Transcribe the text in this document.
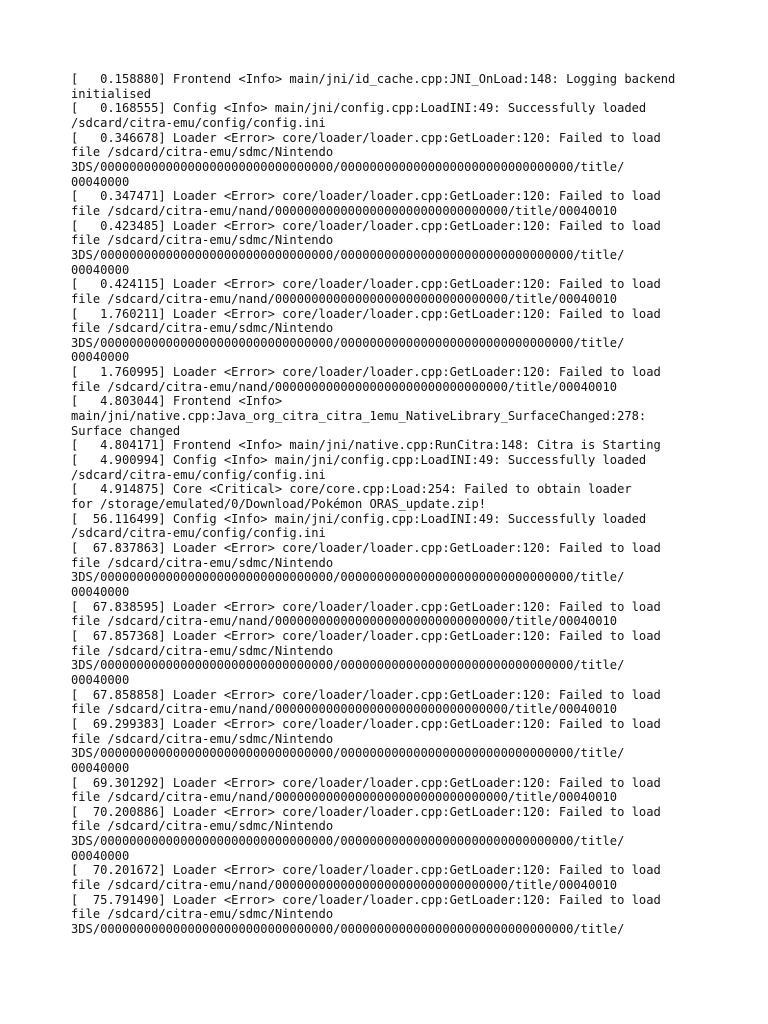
[   0.158880] Frontend <Info> main/jni/id_cache.cpp:JNI_OnLoad:148: Logging backend
initialised
[   0.168555] Config <Info> main/jni/config.cpp:LoadINI:49: Successfully loaded
/sdcard/citra-emu/config/config.ini
[   0.346678] Loader <Error> core/loader/loader.cpp:GetLoader:120: Failed to load
file /sdcard/citra-emu/sdmc/Nintendo
3DS/00000000000000000000000000000000/00000000000000000000000000000000/title/
00040000
[   0.347471] Loader <Error> core/loader/loader.cpp:GetLoader:120: Failed to load
file /sdcard/citra-emu/nand/00000000000000000000000000000000/title/00040010
[   0.423485] Loader <Error> core/loader/loader.cpp:GetLoader:120: Failed to load
file /sdcard/citra-emu/sdmc/Nintendo
3DS/00000000000000000000000000000000/00000000000000000000000000000000/title/
00040000
[   0.424115] Loader <Error> core/loader/loader.cpp:GetLoader:120: Failed to load
file /sdcard/citra-emu/nand/00000000000000000000000000000000/title/00040010
[   1.760211] Loader <Error> core/loader/loader.cpp:GetLoader:120: Failed to load
file /sdcard/citra-emu/sdmc/Nintendo
3DS/00000000000000000000000000000000/00000000000000000000000000000000/title/
00040000
[   1.760995] Loader <Error> core/loader/loader.cpp:GetLoader:120: Failed to load
file /sdcard/citra-emu/nand/00000000000000000000000000000000/title/00040010
[   4.803044] Frontend <Info>
main/jni/native.cpp:Java_org_citra_citra_1emu_NativeLibrary_SurfaceChanged:278:
Surface changed
[   4.804171] Frontend <Info> main/jni/native.cpp:RunCitra:148: Citra is Starting
[   4.900994] Config <Info> main/jni/config.cpp:LoadINI:49: Successfully loaded
/sdcard/citra-emu/config/config.ini
[   4.914875] Core <Critical> core/core.cpp:Load:254: Failed to obtain loader
for /storage/emulated/0/Download/Pokémon ORAS_update.zip!
[  56.116499] Config <Info> main/jni/config.cpp:LoadINI:49: Successfully loaded
/sdcard/citra-emu/config/config.ini
[  67.837863] Loader <Error> core/loader/loader.cpp:GetLoader:120: Failed to load
file /sdcard/citra-emu/sdmc/Nintendo
3DS/00000000000000000000000000000000/00000000000000000000000000000000/title/
00040000
[  67.838595] Loader <Error> core/loader/loader.cpp:GetLoader:120: Failed to load
file /sdcard/citra-emu/nand/00000000000000000000000000000000/title/00040010
[  67.857368] Loader <Error> core/loader/loader.cpp:GetLoader:120: Failed to load
file /sdcard/citra-emu/sdmc/Nintendo
3DS/00000000000000000000000000000000/00000000000000000000000000000000/title/
00040000
[  67.858858] Loader <Error> core/loader/loader.cpp:GetLoader:120: Failed to load
file /sdcard/citra-emu/nand/00000000000000000000000000000000/title/00040010
[  69.299383] Loader <Error> core/loader/loader.cpp:GetLoader:120: Failed to load
file /sdcard/citra-emu/sdmc/Nintendo
3DS/00000000000000000000000000000000/00000000000000000000000000000000/title/
00040000
[  69.301292] Loader <Error> core/loader/loader.cpp:GetLoader:120: Failed to load
file /sdcard/citra-emu/nand/00000000000000000000000000000000/title/00040010
[  70.200886] Loader <Error> core/loader/loader.cpp:GetLoader:120: Failed to load
file /sdcard/citra-emu/sdmc/Nintendo
3DS/00000000000000000000000000000000/00000000000000000000000000000000/title/
00040000
[  70.201672] Loader <Error> core/loader/loader.cpp:GetLoader:120: Failed to load
file /sdcard/citra-emu/nand/00000000000000000000000000000000/title/00040010
[  75.791490] Loader <Error> core/loader/loader.cpp:GetLoader:120: Failed to load
file /sdcard/citra-emu/sdmc/Nintendo
3DS/00000000000000000000000000000000/00000000000000000000000000000000/title/
